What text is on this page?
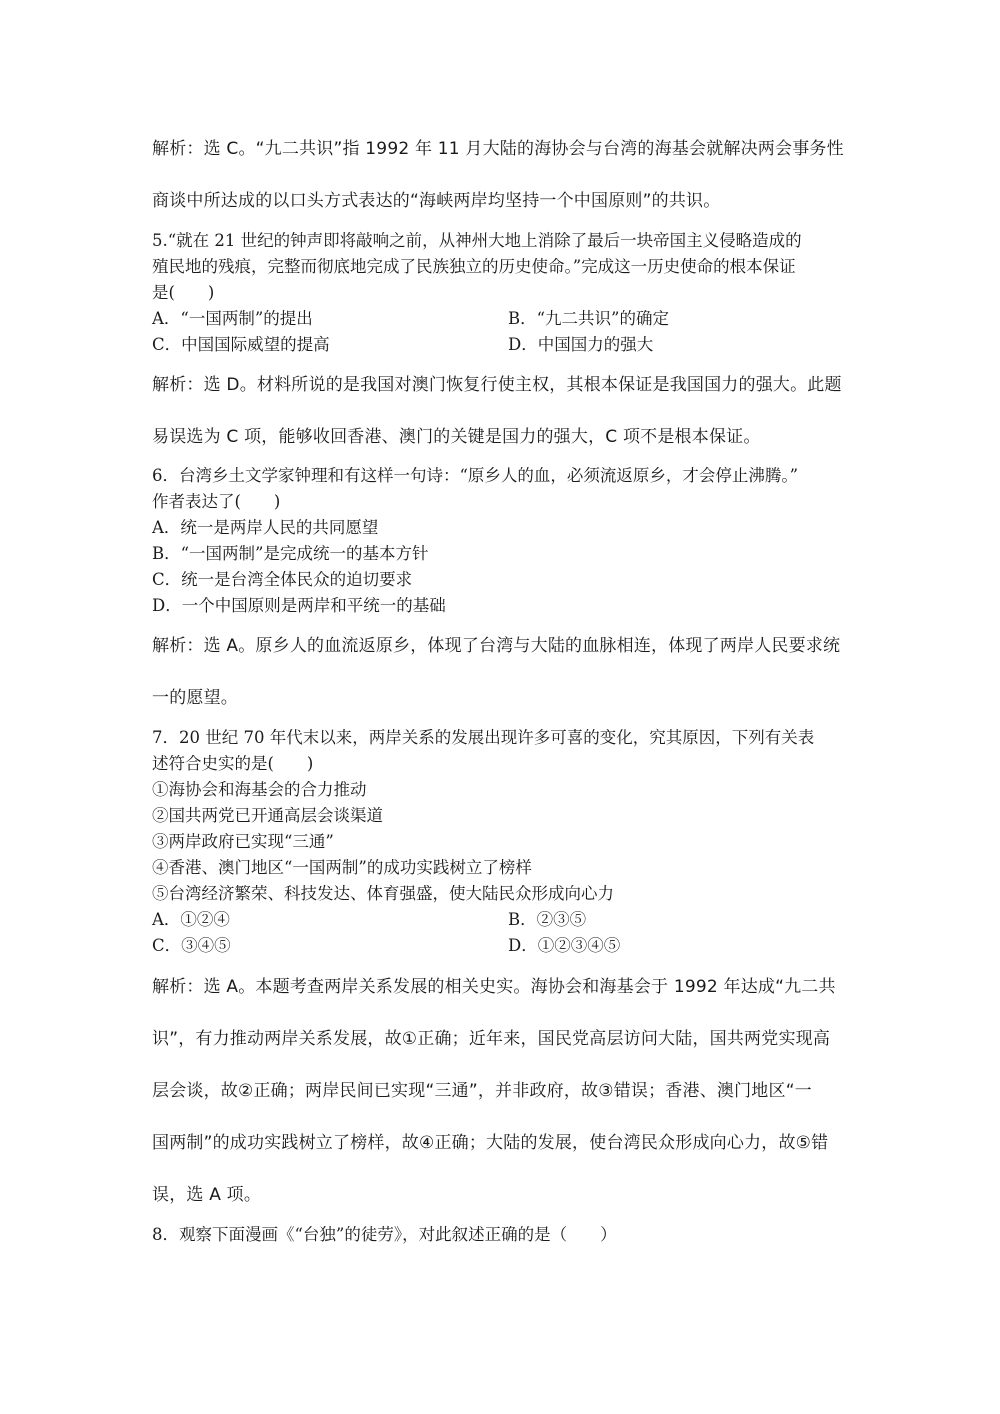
解析：选 C。“九二共识”指 1992 年 11 月大陆的海协会与台湾的海基会就解决两会事务性
商谈中所达成的以口头方式表达的“海峡两岸均坚持一个中国原则”的共识。
5.“就在 21 世纪的钟声即将敲响之前，从神州大地上消除了最后一块帝国主义侵略造成的
殖民地的残痕，完整而彻底地完成了民族独立的历史使命。”完成这一历史使命的根本保证
是(　　)
A．“一国两制”的提出	B．“九二共识”的确定
C．中国国际威望的提高	D．中国国力的强大
解析：选 D。材料所说的是我国对澳门恢复行使主权，其根本保证是我国国力的强大。此题
易误选为 C 项，能够收回香港、澳门的关键是国力的强大，C 项不是根本保证。
6．台湾乡土文学家钟理和有这样一句诗：“原乡人的血，必须流返原乡，才会停止沸腾。”
作者表达了(　　)
A．统一是两岸人民的共同愿望
B．“一国两制”是完成统一的基本方针
C．统一是台湾全体民众的迫切要求
D．一个中国原则是两岸和平统一的基础
解析：选 A。原乡人的血流返原乡，体现了台湾与大陆的血脉相连，体现了两岸人民要求统
一的愿望。
7．20 世纪 70 年代末以来，两岸关系的发展出现许多可喜的变化，究其原因，下列有关表
述符合史实的是(　　)
①海协会和海基会的合力推动
②国共两党已开通高层会谈渠道
③两岸政府已实现“三通”
④香港、澳门地区“一国两制”的成功实践树立了榜样
⑤台湾经济繁荣、科技发达、体育强盛，使大陆民众形成向心力
A．①②④	B．②③⑤
C．③④⑤	D．①②③④⑤
解析：选 A。本题考查两岸关系发展的相关史实。海协会和海基会于 1992 年达成“九二共
识”，有力推动两岸关系发展，故①正确；近年来，国民党高层访问大陆，国共两党实现高
层会谈，故②正确；两岸民间已实现“三通”，并非政府，故③错误；香港、澳门地区“一
国两制”的成功实践树立了榜样，故④正确；大陆的发展，使台湾民众形成向心力，故⑤错
误，选 A 项。
8．观察下面漫画《“台独”的徒劳》，对此叙述正确的是（　　）
